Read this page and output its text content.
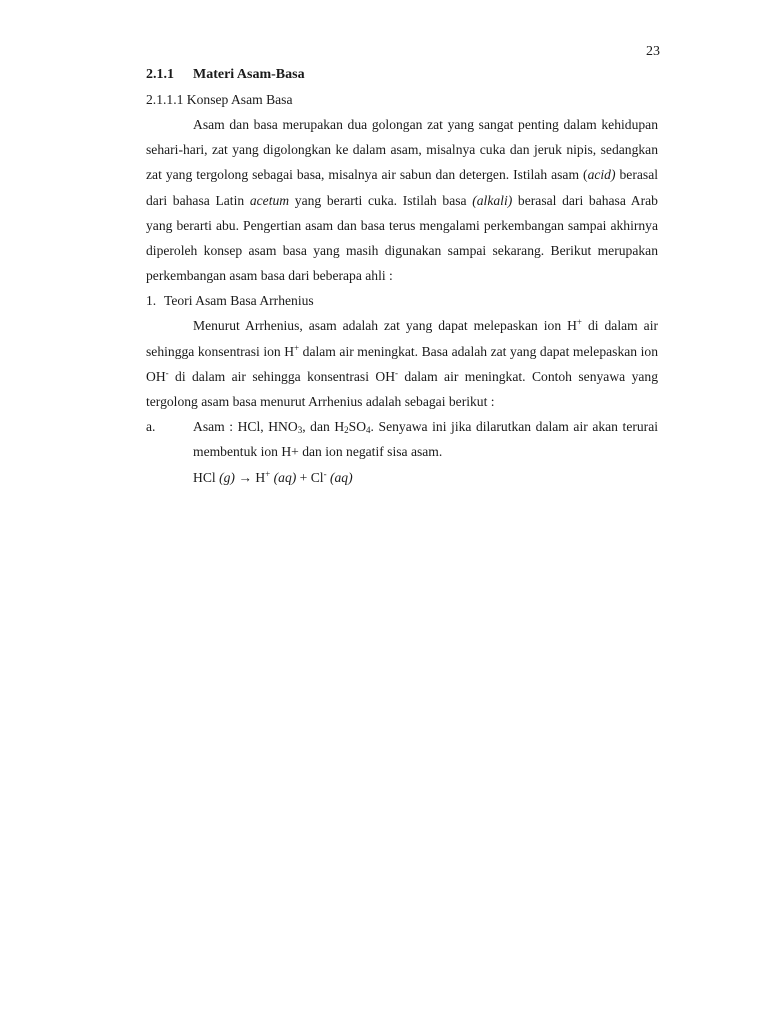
23
2.1.1	Materi Asam-Basa
2.1.1.1 Konsep Asam Basa

Asam dan basa merupakan dua golongan zat yang sangat penting dalam kehidupan sehari-hari, zat yang digolongkan ke dalam asam, misalnya cuka dan jeruk nipis, sedangkan zat yang tergolong sebagai basa, misalnya air sabun dan detergen. Istilah asam (acid) berasal dari bahasa Latin acetum yang berarti cuka. Istilah basa (alkali) berasal dari bahasa Arab yang berarti abu. Pengertian asam dan basa terus mengalami perkembangan sampai akhirnya diperoleh konsep asam basa yang masih digunakan sampai sekarang. Berikut merupakan perkembangan asam basa dari beberapa ahli :

1. Teori Asam Basa Arrhenius

Menurut Arrhenius, asam adalah zat yang dapat melepaskan ion H+ di dalam air sehingga konsentrasi ion H+ dalam air meningkat. Basa adalah zat yang dapat melepaskan ion OH- di dalam air sehingga konsentrasi OH- dalam air meningkat. Contoh senyawa yang tergolong asam basa menurut Arrhenius adalah sebagai berikut :

a.	Asam : HCl, $HNO_3$, dan $H_2SO_4$. Senyawa ini jika dilarutkan dalam air akan terurai membentuk ion H+ dan ion negatif sisa asam.

HCl (g) → H+ (aq) + Cl- (aq)
